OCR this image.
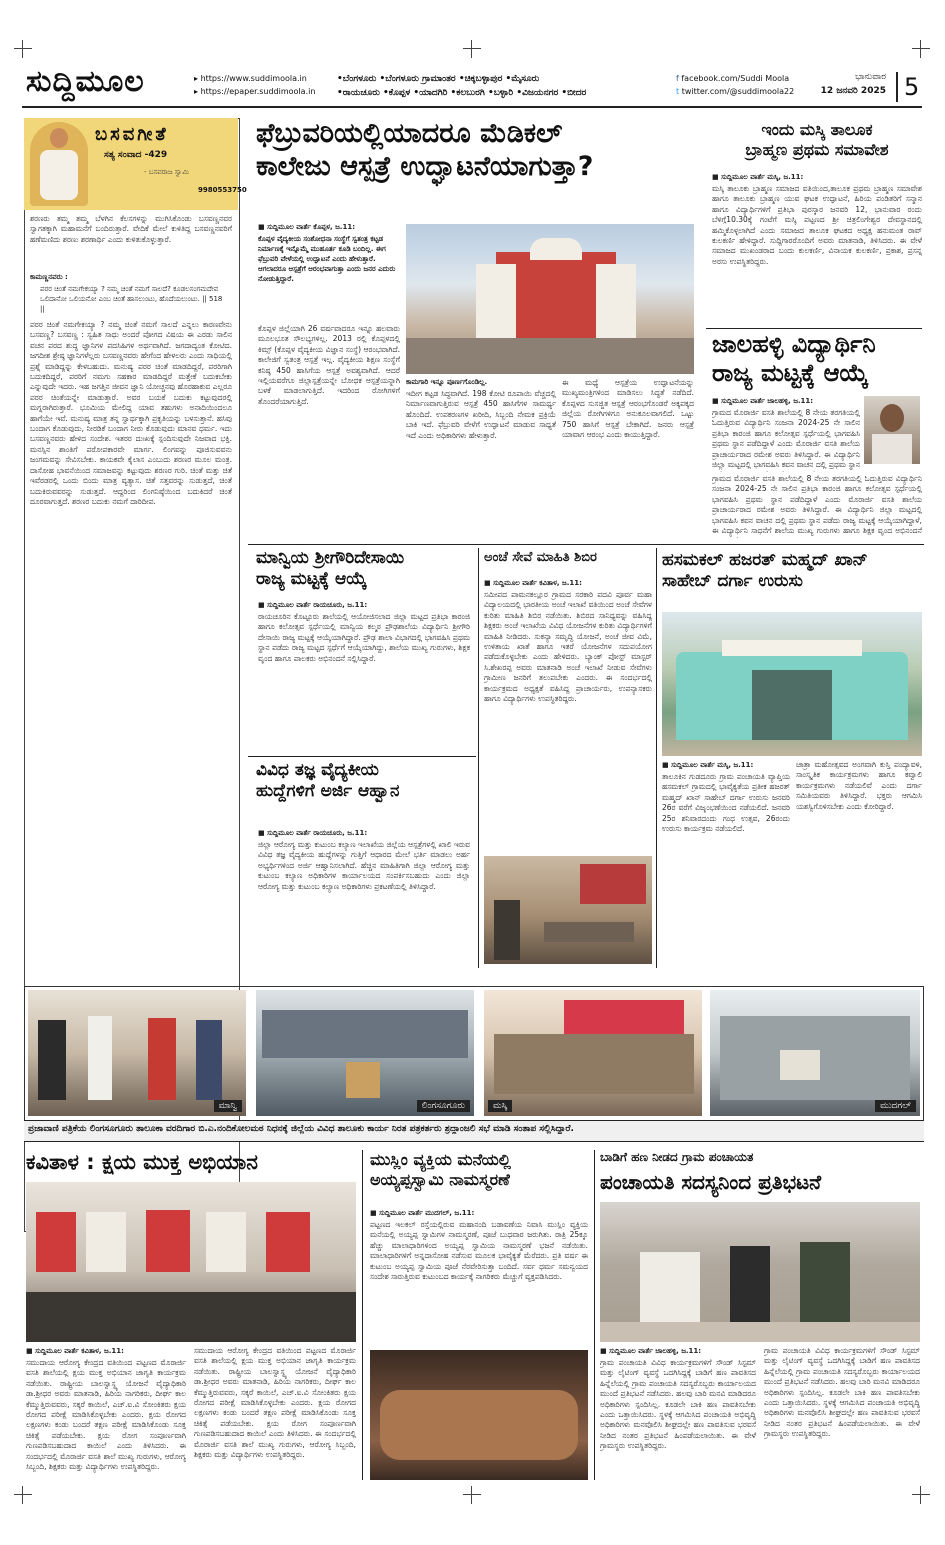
ಸುದ್ದಿಮೂಲ	▸ https://www.suddimoola.in
▸ https://epaper.suddimoola.in
•ಬೆಂಗಳೂರು •ಬೆಂಗಳೂರು ಗ್ರಾಮಾಂತರ •ಚಿಕ್ಕಬಳ್ಳಾಪುರ •ಮೈಸೂರು
•ರಾಯಚೂರು •ಕೊಪ್ಪಳ •ಯಾದಗಿರಿ •ಕಲಬುರಗಿ •ಬಳ್ಳಾರಿ •ವಿಜಯನಗರ •ಬೀದರ
f facebook.com/Suddi Moola
t twitter.com/@suddimoola22
ಭಾನುವಾರ
12 ಜನವರಿ 2025 5
ಬಸವಗೀತೆ
ಸತ್ಯ ಸಂವಾದ -429
- ಬಸವರಾಜ ಸ್ವಾಮಿ
9980553750
ಶರಣರು ತಮ್ಮ ತಮ್ಮ ಬೆಳಗಿನ ಕೆಲಸಗಳನ್ನು ಮುಗಿಸಿಕೊಂಡು ಬಸವಣ್ಣನವರ ಸ್ವಾಗತಕ್ಕಾಗಿ ಮಹಾಮನೆಗೆ ಬಂದಿರುತ್ತಾರೆ. ವೇದಿಕೆ ಮೇಲೆ ಕುಳಿತಿದ್ದ ಬಸವಣ್ಣನವರಿಗೆ ಹಣೆಮಣಿದು ಶರಣು ಶರಣಾರ್ಥಿ ಎಂದು ಕುಳಿತುಕೊಳ್ಳುತ್ತಾರೆ.
ಕಾಮಣ್ಣನವರು :
ಪರರ ಚಿಂತೆ ನಮಗೇಕಯ್ಯಾ ? ನಮ್ಮ ಚಿಂತೆ ನಮಗೆ ಸಾಲದೆ? ಕೂಡಲಸಂಗಮದೇವ ಒಲಿದಾನೋ ಒಲಿಯನೋ ಎಂಬ ಚಿಂತೆ ಹಾಸಲುಂಟು, ಹೊದೆಯಲುಂಟು. || 518 ||
ಪರರ ಚಿಂತೆ ನಮಗೇಕಯ್ಯಾ ? ನಮ್ಮ ಚಿಂತೆ ನಮಗೆ ಸಾಲದೆ ಎನ್ನಲು ಕಾರಣವೇನು ಬಸವಣ್ಣ? ಬಸವಣ್ಣ : ಸ್ವಹಿತ ಸಾಧು ಅಂದರೆ ಪೋಗದ ವಿಷಯ ಈ ಎರಡು ಸಾಲಿನ ವಚನ ಪರದ ಶುದ್ಧ ಜ್ಞಾನಿಗಳ ಪದಸಿಹಿಗಳ ಅರ್ಥವಾಗಿದೆ. ಜಗದಾದ್ಯಂತ ಕೋಟಿದ. ಜಗದೀಶ ಶ್ರೇಷ್ಠ ಜ್ಞಾನಿಗಳೆಲ್ಲರು ಬಸವಣ್ಣನವರು ಹೇಗೆಂದ ಹೇಳಲರು ಎಂದು ಸಾಧಿಯಲ್ಲಿ ಪ್ರಶ್ನೆ ಮಾಡಿದ್ದನ್ನು ಕೇಳಬಹುದು. ಮನುಷ್ಯ ಪರರ ಚಿಂತೆ ಮಾಡದಿದ್ದರೆ, ಪರರಿಗಾಗಿ ಬದುಕದಿದ್ದರೆ, ಪರರಿಗೆ ನಮಗು ಸಹಕಾರ ಮಾಡದಿದ್ದರೆ ಮತ್ತೇಕೆ ಬದುಕಬೇಕು ಎನ್ನುವುದೇ ಇದರು. ಇಹ ಜಗತ್ತಿನ ಜೀವನ ಜ್ಞಾನಿ ಯೋಚ್ಚನವು ಹೊರಹಾಕುವ ಎಲ್ಲರೂ ಪರರ ಚಿಂತೆಯನ್ನೇ ಮಾಡುತ್ತಾರೆ. ಅವರ ಬಯಕೆ ಬದುಕು ಕಟ್ಟುವುದರಲ್ಲಿ ಮಗ್ನರಾಗಿರುತ್ತಾರೆ. ಭೂಮಿಯ ಮೇಲಿದ್ದ ಯಾವ ತಹುಗಳು ಅನಾದಿಯಿಂದಲೂ ಹಾಗೆಯೇ ಇವೆ. ಮನುಷ್ಯ ಮಾತ್ರ ತನ್ನ ಸ್ವಾರ್ಥಕ್ಕಾಗಿ ಪ್ರಕೃತಿಯನ್ನು ಬಳಸುತ್ತಾನೆ. ಹಸಿವು ಬಂದಾಗ ಕೊಡುವುದು, ನೀರಡಿಕೆ ಬಂದಾಗ ನೀರು ಕೊಡುವುದು ಮಾನವ ಧರ್ಮ. ಇದು ಬಸವಣ್ಣನವರು ಹೇಳಿದ ಸಂದೇಶ. ಇತರರ ದುಃಖಕ್ಕೆ ಸ್ಪಂದಿಸುವುದೇ ನಿಜವಾದ ಭಕ್ತಿ. ಮನಸ್ಸಿನ ಶಾಂತಿಗೆ ಪರೋಪಕಾರವೇ ಮಾರ್ಗ. ಲಿಂಗವನ್ನು ಪೂಜಿಸುವವನು ಜಂಗಮವನ್ನು ಸೇವಿಸಬೇಕು. ಕಾಯಕವೇ ಕೈಲಾಸ ಎಂಬುದು ಶರಣರ ಮೂಲ ಮಂತ್ರ. ದಾಸೋಹ ಭಾವನೆಯಿಂದ ಸಮಾಜವನ್ನು ಕಟ್ಟುವುದು ಶರಣರ ಗುರಿ. ಚಿಂತೆ ಮತ್ತು ಚಿತೆ ಇವೆರಡರಲ್ಲಿ ಒಂದು ಬಿಂದು ಮಾತ್ರ ವ್ಯತ್ಯಾಸ. ಚಿತೆ ಸತ್ತವರನ್ನು ಸುಡುತ್ತದೆ, ಚಿಂತೆ ಬದುಕಿರುವವರನ್ನು ಸುಡುತ್ತದೆ. ಆದ್ದರಿಂದ ಲಿಂಗನಿಷ್ಠೆಯಿಂದ ಬದುಕಿದರೆ ಚಿಂತೆ ದೂರವಾಗುತ್ತದೆ. ಶರಣರ ಬದುಕು ನಮಗೆ ದಾರಿದೀಪ.
ಫೆಬ್ರುವರಿಯಲ್ಲಿಯಾದರೂ ಮೆಡಿಕಲ್
ಕಾಲೇಜು ಆಸ್ಪತ್ರೆ ಉದ್ಘಾಟನೆಯಾಗುತ್ತಾ?
■ ಸುದ್ದಿಮೂಲ ವಾರ್ತೆ ಕೊಪ್ಪಳ, ಜ.11:
ಕೊಪ್ಪಳ ವೈದ್ಯಕೀಯ ಸಂಶೋಧನಾ ಸಂಸ್ಥೆಗೆ ಸ್ವತಂತ್ರ ಕಟ್ಟಡ ನಿರ್ಮಾಣಕ್ಕೆ ಇನ್ನೊಮ್ಮೆ ಮುಹೂರ್ತ ಕೂಡಿ ಬಂದಿಲ್ಲ. ಈಗ ಫೆಬ್ರುವರಿ ವೇಳೆಯಲ್ಲಿ ಉದ್ಘಾಟನೆ ಎಂದು ಹೇಳುತ್ತಾರೆ. ಆಗಲಾದರೂ ಆಸ್ಪತ್ರೆಗೆ ಆರಂಭವಾಗುತ್ತಾ ಎಂದು ಜನರ ಎದುರು ನೋಡುತ್ತಿದ್ದಾರೆ.
ಕೊಪ್ಪಳ ಜಿಲ್ಲೆಯಾಗಿ 26 ವರ್ಷವಾದರೂ ಇನ್ನೂ ಹಲವಾರು ಮೂಲಭೂತ ಸೌಲಭ್ಯಗಳಿಲ್ಲ. 2013 ರಲ್ಲಿ ಕೊಪ್ಪಳದಲ್ಲಿ ಕಿಮ್ಸ್ (ಕೊಪ್ಪಳ ವೈದ್ಯಕೀಯ ವಿಜ್ಞಾನ ಸಂಸ್ಥೆ) ಆರಂಭವಾಗಿದೆ. ಕಾಲೇಜಿಗೆ ಸ್ವತಂತ್ರ ಆಸ್ಪತ್ರೆ ಇಲ್ಲ. ವೈದ್ಯಕೀಯ ಶಿಕ್ಷಣ ಸಂಸ್ಥೆಗೆ ಕನಿಷ್ಠ 450 ಹಾಸಿಗೆಯ ಆಸ್ಪತ್ರೆ ಅವಶ್ಯವಾಗಿದೆ. ಆದರೆ ಇಲ್ಲಿಯವರೆಗೂ ಜಿಲ್ಲಾಸ್ಪತ್ರೆಯನ್ನೇ ಬೋಧಕ ಆಸ್ಪತ್ರೆಯನ್ನಾಗಿ ಬಳಕೆ ಮಾಡಲಾಗುತ್ತಿದೆ. ಇದರಿಂದ ರೋಗಿಗಳಿಗೆ ತೊಂದರೆಯಾಗುತ್ತಿದೆ.
ಕಾಮಗಾರಿ ಇನ್ನೂ ಪೂರ್ಣಗೊಂಡಿಲ್ಲ.
ಇದೀಗ ಕಟ್ಟಡ ಸಿದ್ಧವಾಗಿದೆ. 198 ಕೋಟಿ ರೂಪಾಯಿ ವೆಚ್ಚದಲ್ಲಿ ನಿರ್ಮಾಣವಾಗುತ್ತಿರುವ ಆಸ್ಪತ್ರೆ 450 ಹಾಸಿಗೆಗಳ ಸಾಮರ್ಥ್ಯ ಹೊಂದಿದೆ. ಉಪಕರಣಗಳ ಖರೀದಿ, ಸಿಬ್ಬಂದಿ ನೇಮಕ ಪ್ರಕ್ರಿಯೆ ಬಾಕಿ ಇದೆ. ಫೆಬ್ರುವರಿ ವೇಳೆಗೆ ಉದ್ಘಾಟನೆ ಮಾಡುವ ಸಾಧ್ಯತೆ ಇದೆ ಎಂದು ಅಧಿಕಾರಿಗಳು ಹೇಳುತ್ತಾರೆ.
ಈ ಮಧ್ಯೆ ಆಸ್ಪತ್ರೆಯ ಉದ್ಘಾಟನೆಯನ್ನು ಮುಖ್ಯಮಂತ್ರಿಗಳಿಂದ ಮಾಡಿಸಲು ಸಿದ್ಧತೆ ನಡೆದಿದೆ. ಕೊಪ್ಪಳದ ಸುಸಜ್ಜಿತ ಆಸ್ಪತ್ರೆ ಆರಂಭಗೊಂಡರೆ ಅಕ್ಕಪಕ್ಕದ ಜಿಲ್ಲೆಯ ರೋಗಿಗಳಿಗೂ ಅನುಕೂಲವಾಗಲಿದೆ. ಒಟ್ಟು 750 ಹಾಸಿಗೆ ಆಸ್ಪತ್ರೆ ಬೇಕಾಗಿದೆ. ಜನರು ಆಸ್ಪತ್ರೆ ಯಾವಾಗ ಆರಂಭ ಎಂದು ಕಾಯುತ್ತಿದ್ದಾರೆ.
ಇಂದು ಮಸ್ಕಿ ತಾಲೂಕ
ಬ್ರಾಹ್ಮಣ ಪ್ರಥಮ ಸಮಾವೇಶ
■ ಸುದ್ದಿಮೂಲ ವಾರ್ತೆ ಮಸ್ಕಿ, ಜ.11:
ಮಸ್ಕಿ ತಾಲೂಕು ಬ್ರಾಹ್ಮಣ ಸಮಾಜದ ವತಿಯಿಂದ,ತಾಲೂಕ ಪ್ರಥಮ ಬ್ರಾಹ್ಮಣ ಸಮಾವೇಶ ಹಾಗೂ ತಾಲೂಕು ಬ್ರಾಹ್ಮಣ ಯುವ ಘಟಕ ಉದ್ಘಾಟನೆ, ಹಿರಿಯ ಪಂಡಿತರಿಗೆ ಸನ್ಮಾನ ಹಾಗೂ ವಿದ್ಯಾರ್ಥಿಗಳಿಗೆ ಪ್ರತಿಭಾ ಪುರಸ್ಕಾರ ಜನವರಿ 12, ಭಾನುವಾರ ರಂದು ಬೆಳಿಗ್ಗೆ10.30ಕ್ಕೆ ಗಂಟೆಗೆ ಮಸ್ಕಿ ಪಟ್ಟಣದ ಶ್ರೀ ಚಿತ್ರಲಿಂಗೇಶ್ವರ ದೇವಸ್ಥಾನದಲ್ಲಿ ಹಮ್ಮಿಕೊಳ್ಳಲಾಗಿದೆ ಎಂದು ಸಮಾಜದ ತಾಲೂಕ ಘಟಕದ ಅಧ್ಯಕ್ಷ ಹನುಮಂತ ರಾವ್ ಕುಲಕರ್ಣಿ ಹೇಳಿದ್ದಾರೆ. ಸುದ್ದಿಗಾರರೊಂದಿಗೆ ಅವರು ಮಾತನಾಡಿ, ತಿಳಿಸಿದರು. ಈ ವೇಳೆ ಸಮಾಜದ ಮುಖಂಡರಾದ ಬಂದು ಕುಲಕರ್ಣಿ, ವಿನಾಯಕ ಕುಲಕರ್ಣಿ, ಪ್ರಕಾಶ, ಪ್ರಸನ್ನ ಅರಸು ಉಪಸ್ಥಿತರಿದ್ದರು.
ಜಾಲಹಳ್ಳಿ ವಿದ್ಯಾರ್ಥಿನಿ
ರಾಜ್ಯ ಮಟ್ಟಕ್ಕೆ ಆಯ್ಕೆ
■ ಸುದ್ದಿಮೂಲ ವಾರ್ತೆ ಜಾಲಹಳ್ಳಿ, ಜ.11:
ಗ್ರಾಮದ ಮೊರಾರ್ಜಿ ವಸತಿ ಶಾಲೆಯಲ್ಲಿ 8 ನೇಯ ತರಗತಿಯಲ್ಲಿ ಓದುತ್ತಿರುವ ವಿದ್ಯಾರ್ಥಿನಿ ಸಂಜನಾ 2024-25 ನೇ ಸಾಲಿನ ಪ್ರತಿಭಾ ಕಾರಂಜಿ ಹಾಗೂ ಕಲೋತ್ಸವ ಸ್ಪರ್ಧೆಯಲ್ಲಿ ಭಾಗವಹಿಸಿ ಪ್ರಥಮ ಸ್ಥಾನ ಪಡೆದಿದ್ದಾಳೆ ಎಂದು ಮೊರಾರ್ಜಿ ವಸತಿ ಶಾಲೆಯ ಪ್ರಾಚಾರ್ಯರಾದ ರಮೇಶ ಅವರು ತಿಳಿಸಿದ್ದಾರೆ. ಈ ವಿದ್ಯಾರ್ಥಿನಿ ಜಿಲ್ಲಾ ಮಟ್ಟದಲ್ಲಿ ಭಾಗವಹಿಸಿ ಕವನ ವಾಚನ ದಲ್ಲಿ ಪ್ರಥಮ ಸ್ಥಾನ
ಗ್ರಾಮದ ಮೊರಾರ್ಜಿ ವಸತಿ ಶಾಲೆಯಲ್ಲಿ 8 ನೇಯ ತರಗತಿಯಲ್ಲಿ ಓದುತ್ತಿರುವ ವಿದ್ಯಾರ್ಥಿನಿ ಸಂಜನಾ 2024-25 ನೇ ಸಾಲಿನ ಪ್ರತಿಭಾ ಕಾರಂಜಿ ಹಾಗೂ ಕಲೋತ್ಸವ ಸ್ಪರ್ಧೆಯಲ್ಲಿ ಭಾಗವಹಿಸಿ ಪ್ರಥಮ ಸ್ಥಾನ ಪಡೆದಿದ್ದಾಳೆ ಎಂದು ಮೊರಾರ್ಜಿ ವಸತಿ ಶಾಲೆಯ ಪ್ರಾಚಾರ್ಯರಾದ ರಮೇಶ ಅವರು ತಿಳಿಸಿದ್ದಾರೆ. ಈ ವಿದ್ಯಾರ್ಥಿನಿ ಜಿಲ್ಲಾ ಮಟ್ಟದಲ್ಲಿ ಭಾಗವಹಿಸಿ ಕವನ ವಾಚನ ದಲ್ಲಿ ಪ್ರಥಮ ಸ್ಥಾನ ಪಡೆದು ರಾಜ್ಯ ಮಟ್ಟಕ್ಕೆ ಆಯ್ಕೆಯಾಗಿದ್ದಾಳೆ, ಈ ವಿದ್ಯಾರ್ಥಿನಿ ಸಾಧನೆಗೆ ಶಾಲೆಯ ಮುಖ್ಯ ಗುರುಗಳು ಹಾಗೂ ಶಿಕ್ಷಕ ವೃಂದ ಅಭಿನಂದನೆ
ಮಾನ್ವಿಯ ಶ್ರೀಗೌರಿದೇಸಾಯಿ
ರಾಜ್ಯ ಮಟ್ಟಕ್ಕೆ ಆಯ್ಕೆ
■ ಸುದ್ದಿಮೂಲ ವಾರ್ತೆ ರಾಯಚೂರು, ಜ.11:
ರಾಯಚೂರಿನ ಕೊಟ್ಟೂರು ಶಾಲೆಯಲ್ಲಿ ಆಯೋಜಿಸಲಾದ ಜಿಲ್ಲಾ ಮಟ್ಟದ ಪ್ರತಿಭಾ ಕಾರಂಜಿ ಹಾಗೂ ಕಲೋತ್ಸವ ಸ್ಪರ್ಧೆಯಲ್ಲಿ ಮಾನ್ವಿಯ ಕಲ್ಮಠ ಪ್ರೌಢಶಾಲೆಯ ವಿದ್ಯಾರ್ಥಿನಿ ಶ್ರೀಗೌರಿ ದೇಸಾಯಿ ರಾಜ್ಯ ಮಟ್ಟಕ್ಕೆ ಆಯ್ಕೆಯಾಗಿದ್ದಾರೆ. ಪ್ರೌಢ ಶಾಲಾ ವಿಭಾಗದಲ್ಲಿ ಭಾಗವಹಿಸಿ ಪ್ರಥಮ ಸ್ಥಾನ ಪಡೆದು ರಾಜ್ಯ ಮಟ್ಟದ ಸ್ಪರ್ಧೆಗೆ ಆಯ್ಕೆಯಾಗಿದ್ದು, ಶಾಲೆಯ ಮುಖ್ಯ ಗುರುಗಳು, ಶಿಕ್ಷಕ ವೃಂದ ಹಾಗೂ ಪಾಲಕರು ಅಭಿನಂದನೆ ಸಲ್ಲಿಸಿದ್ದಾರೆ.
ವಿವಿಧ ತಜ್ಞ ವೈದ್ಯಕೀಯ
ಹುದ್ದೆಗಳಿಗೆ ಅರ್ಜಿ ಆಹ್ವಾನ
■ ಸುದ್ದಿಮೂಲ ವಾರ್ತೆ ರಾಯಚೂರು, ಜ.11:
ಜಿಲ್ಲಾ ಆರೋಗ್ಯ ಮತ್ತು ಕುಟುಂಬ ಕಲ್ಯಾಣ ಇಲಾಖೆಯ ಜಿಲ್ಲೆಯ ಆಸ್ಪತ್ರೆಗಳಲ್ಲಿ ಖಾಲಿ ಇರುವ ವಿವಿಧ ತಜ್ಞ ವೈದ್ಯಕೀಯ ಹುದ್ದೆಗಳನ್ನು ಗುತ್ತಿಗೆ ಆಧಾರದ ಮೇಲೆ ಭರ್ತಿ ಮಾಡಲು ಅರ್ಹ ಅಭ್ಯರ್ಥಿಗಳಿಂದ ಅರ್ಜಿ ಆಹ್ವಾನಿಸಲಾಗಿದೆ. ಹೆಚ್ಚಿನ ಮಾಹಿತಿಗಾಗಿ ಜಿಲ್ಲಾ ಆರೋಗ್ಯ ಮತ್ತು ಕುಟುಂಬ ಕಲ್ಯಾಣ ಅಧಿಕಾರಿಗಳ ಕಾರ್ಯಾಲಯದ ಸಂಪರ್ಕಿಸಬಹುದು ಎಂದು ಜಿಲ್ಲಾ ಆರೋಗ್ಯ ಮತ್ತು ಕುಟುಂಬ ಕಲ್ಯಾಣ ಅಧಿಕಾರಿಗಳು ಪ್ರಕಟಣೆಯಲ್ಲಿ ತಿಳಿಸಿದ್ದಾರೆ.
ಅಂಚೆ ಸೇವೆ ಮಾಹಿತಿ ಶಿಬಿರ
■ ಸುದ್ದಿಮೂಲ ವಾರ್ತೆ ಕವಿತಾಳ, ಜ.11:
ಸಮೀಪದ ಪಾಮನಕಲ್ಲೂರ ಗ್ರಾಮದ ಸರಕಾರಿ ಪದವಿ ಪೂರ್ವ ಮಹಾ ವಿದ್ಯಾಲಯದಲ್ಲಿ ಭಾರತೀಯ ಅಂಚೆ ಇಲಾಖೆ ವತಿಯಿಂದ ಅಂಚೆ ಸೇವೆಗಳ ಕುರಿತು ಮಾಹಿತಿ ಶಿಬಿರ ನಡೆಯಿತು. ಶಿಬಿರದ ಸಾನಿಧ್ಯವನ್ನು ವಹಿಸಿದ್ದ ಶಿಕ್ಷಕರು ಅಂಚೆ ಇಲಾಖೆಯ ವಿವಿಧ ಯೋಜನೆಗಳ ಕುರಿತು ವಿದ್ಯಾರ್ಥಿಗಳಿಗೆ ಮಾಹಿತಿ ನೀಡಿದರು. ಸುಕನ್ಯಾ ಸಮೃದ್ಧಿ ಯೋಜನೆ, ಅಂಚೆ ಜೀವ ವಿಮೆ, ಉಳಿತಾಯ ಖಾತೆ ಹಾಗೂ ಇತರೆ ಯೋಜನೆಗಳ ಸದುಪಯೋಗ ಪಡೆದುಕೊಳ್ಳಬೇಕು ಎಂದು ಹೇಳಿದರು. ಬ್ಯಾಂಕ್ ಪೋಸ್ಟ್ ಮಾಸ್ಟರ್ ಸಿ.ಶೇಖರಪ್ಪ ಅವರು ಮಾತನಾಡಿ ಅಂಚೆ ಇಲಾಖೆ ನೀಡುವ ಸೇವೆಗಳು ಗ್ರಾಮೀಣ ಜನರಿಗೆ ತಲುಪಬೇಕು ಎಂದರು. ಈ ಸಂದರ್ಭದಲ್ಲಿ ಕಾರ್ಯಕ್ರಮದ ಅಧ್ಯಕ್ಷತೆ ವಹಿಸಿದ್ದ ಪ್ರಾಚಾರ್ಯರು, ಉಪನ್ಯಾಸಕರು ಹಾಗೂ ವಿದ್ಯಾರ್ಥಿಗಳು ಉಪಸ್ಥಿತರಿದ್ದರು.
ಹಸಮಕಲ್ ಹಜರತ್ ಮಹ್ಮದ್ ಖಾನ್
ಸಾಹೇಬ್ ದರ್ಗಾ ಉರುಸು
■ ಸುದ್ದಿಮೂಲ ವಾರ್ತೆ ಮಸ್ಕಿ, ಜ.11:
ತಾಲೂಕಿನ ಗುಡದೂರು ಗ್ರಾಮ ಪಂಚಾಯತಿ ವ್ಯಾಪ್ತಿಯ ಹಸಮಕಲ್ ಗ್ರಾಮದಲ್ಲಿ ಭಾವೈಕ್ಯತೆಯ ಪ್ರತೀಕ ಹಜರತ್ ಮಹ್ಮದ್ ಖಾನ್ ಸಾಹೇಬ್ ದರ್ಗಾ ಉರುಸು ಜನವರಿ 26ರ ವರೆಗೆ ವಿಜೃಂಭಣೆಯಿಂದ ನಡೆಯಲಿದೆ. ಜನವರಿ 25ರ ಶನಿವಾರದಂದು ಗಂಧ ಉತ್ಸವ, 26ರಂದು ಉರುಸು ಕಾರ್ಯಕ್ರಮ ನಡೆಯಲಿದೆ.
ಜಾತ್ರಾ ಮಹೋತ್ಸವದ ಅಂಗವಾಗಿ ಕುಸ್ತಿ ಪಂದ್ಯಾವಳಿ, ಸಾಂಸ್ಕೃತಿಕ ಕಾರ್ಯಕ್ರಮಗಳು ಹಾಗೂ ಕವ್ವಾಲಿ ಕಾರ್ಯಕ್ರಮಗಳು ನಡೆಯಲಿವೆ ಎಂದು ದರ್ಗಾ ಸಮಿತಿಯವರು ತಿಳಿಸಿದ್ದಾರೆ. ಭಕ್ತರು ಆಗಮಿಸಿ ಯಶಸ್ವಿಗೊಳಿಸಬೇಕು ಎಂದು ಕೋರಿದ್ದಾರೆ.
ಮಾನ್ವಿ	ಲಿಂಗಸೂಗೂರು	ಮಸ್ಕಿ	ಮುದಗಲ್
ಪ್ರಜಾವಾಣಿ ಪತ್ರಿಕೆಯ ಲಿಂಗಸೂಗೂರು ತಾಲೂಕಾ ವರದಿಗಾರ ಬಿ.ಎ.ನಂದಿಕೋಲಮಠ ನಿಧನಕ್ಕೆ ಜಿಲ್ಲೆಯ ವಿವಿಧ ತಾಲೂಕು ಕಾರ್ಯ ನಿರತ ಪತ್ರಕರ್ತರು ಶ್ರದ್ಧಾಂಜಲಿ ಸಭೆ ಮಾಡಿ ಸಂತಾಪ ಸಲ್ಲಿಸಿದ್ದಾರೆ.
ಕವಿತಾಳ : ಕ್ಷಯ ಮುಕ್ತ ಅಭಿಯಾನ
■ ಸುದ್ದಿಮೂಲ ವಾರ್ತೆ ಕವಿತಾಳ, ಜ.11:
ಸಮುದಾಯ ಆರೋಗ್ಯ ಕೇಂದ್ರದ ವತಿಯಿಂದ ಪಟ್ಟಣದ ಮೊರಾರ್ಜಿ ವಸತಿ ಶಾಲೆಯಲ್ಲಿ ಕ್ಷಯ ಮುಕ್ತ ಅಭಿಯಾನ ಜಾಗೃತಿ ಕಾರ್ಯಕ್ರಮ ನಡೆಯಿತು. ರಾಷ್ಟ್ರೀಯ ಬಾಲಸ್ವಾಸ್ಥ್ಯ ಯೋಜನೆ ವೈದ್ಯಾಧಿಕಾರಿ ಡಾ.ಶ್ರೀಧರ ಅವರು ಮಾತನಾಡಿ, ಹಿರಿಯ ನಾಗರಿಕರು, ದೀರ್ಘ ಕಾಲ ಕೆಮ್ಮುತ್ತಿರುವವರು, ಸಕ್ಕರೆ ಕಾಯಿಲೆ, ಎಚ್.ಐ.ವಿ ಸೋಂಕಿತರು ಕ್ಷಯ ರೋಗದ ಪರೀಕ್ಷೆ ಮಾಡಿಸಿಕೊಳ್ಳಬೇಕು ಎಂದರು. ಕ್ಷಯ ರೋಗದ ಲಕ್ಷಣಗಳು ಕಂಡು ಬಂದರೆ ತಕ್ಷಣ ಪರೀಕ್ಷೆ ಮಾಡಿಸಿಕೊಂಡು ಸೂಕ್ತ ಚಿಕಿತ್ಸೆ ಪಡೆಯಬೇಕು. ಕ್ಷಯ ರೋಗ ಸಂಪೂರ್ಣವಾಗಿ ಗುಣಪಡಿಸಬಹುದಾದ ಕಾಯಿಲೆ ಎಂದು ತಿಳಿಸಿದರು. ಈ ಸಂದರ್ಭದಲ್ಲಿ ಮೊರಾರ್ಜಿ ವಸತಿ ಶಾಲೆ ಮುಖ್ಯ ಗುರುಗಳು, ಆರೋಗ್ಯ ಸಿಬ್ಬಂದಿ, ಶಿಕ್ಷಕರು ಮತ್ತು ವಿದ್ಯಾರ್ಥಿಗಳು ಉಪಸ್ಥಿತರಿದ್ದರು.
ಸಮುದಾಯ ಆರೋಗ್ಯ ಕೇಂದ್ರದ ವತಿಯಿಂದ ಪಟ್ಟಣದ ಮೊರಾರ್ಜಿ ವಸತಿ ಶಾಲೆಯಲ್ಲಿ ಕ್ಷಯ ಮುಕ್ತ ಅಭಿಯಾನ ಜಾಗೃತಿ ಕಾರ್ಯಕ್ರಮ ನಡೆಯಿತು. ರಾಷ್ಟ್ರೀಯ ಬಾಲಸ್ವಾಸ್ಥ್ಯ ಯೋಜನೆ ವೈದ್ಯಾಧಿಕಾರಿ ಡಾ.ಶ್ರೀಧರ ಅವರು ಮಾತನಾಡಿ, ಹಿರಿಯ ನಾಗರಿಕರು, ದೀರ್ಘ ಕಾಲ ಕೆಮ್ಮುತ್ತಿರುವವರು, ಸಕ್ಕರೆ ಕಾಯಿಲೆ, ಎಚ್.ಐ.ವಿ ಸೋಂಕಿತರು ಕ್ಷಯ ರೋಗದ ಪರೀಕ್ಷೆ ಮಾಡಿಸಿಕೊಳ್ಳಬೇಕು ಎಂದರು. ಕ್ಷಯ ರೋಗದ ಲಕ್ಷಣಗಳು ಕಂಡು ಬಂದರೆ ತಕ್ಷಣ ಪರೀಕ್ಷೆ ಮಾಡಿಸಿಕೊಂಡು ಸೂಕ್ತ ಚಿಕಿತ್ಸೆ ಪಡೆಯಬೇಕು. ಕ್ಷಯ ರೋಗ ಸಂಪೂರ್ಣವಾಗಿ ಗುಣಪಡಿಸಬಹುದಾದ ಕಾಯಿಲೆ ಎಂದು ತಿಳಿಸಿದರು. ಈ ಸಂದರ್ಭದಲ್ಲಿ ಮೊರಾರ್ಜಿ ವಸತಿ ಶಾಲೆ ಮುಖ್ಯ ಗುರುಗಳು, ಆರೋಗ್ಯ ಸಿಬ್ಬಂದಿ, ಶಿಕ್ಷಕರು ಮತ್ತು ವಿದ್ಯಾರ್ಥಿಗಳು ಉಪಸ್ಥಿತರಿದ್ದರು.
ಮುಸ್ಲಿಂ ವ್ಯಕ್ತಿಯ ಮನೆಯಲ್ಲಿ
ಅಯ್ಯಪ್ಪಸ್ವಾಮಿ ನಾಮಸ್ಮರಣೆ
■ ಸುದ್ದಿಮೂಲ ವಾರ್ತೆ ಮುದಗಲ್, ಜ.11:
ಪಟ್ಟಣದ ಇಲಕಲ್ ರಸ್ತೆಯಲ್ಲಿರುವ ಮಹಾನಂದಿ ಬಡಾವಣೆಯ ನಿವಾಸಿ ಮುಸ್ಲಿಂ ವ್ಯಕ್ತಿಯ ಮನೆಯಲ್ಲಿ ಅಯ್ಯಪ್ಪ ಸ್ವಾಮಿಗಳ ನಾಮಸ್ಮರಣೆ, ಪೂಜೆ ಬುಧವಾರ ಜರುಗಿತು. ರಾತ್ರಿ 25ಕ್ಕೂ ಹೆಚ್ಚು ಮಾಲಾಧಾರಿಗಳಿಂದ ಅಯ್ಯಪ್ಪ ಸ್ವಾಮಿಯ ನಾಮಸ್ಮರಣೆ ಭಜನೆ ನಡೆಯಿತು. ಮಾಲಾಧಾರಿಗಳಿಗೆ ಅನ್ನದಾಸೋಹ ನಡೆಸುವ ಮೂಲಕ ಭಾವೈಕ್ಯತೆ ಮೆರೆದರು. ಪ್ರತಿ ವರ್ಷ ಈ ಕುಟುಂಬ ಅಯ್ಯಪ್ಪ ಸ್ವಾಮಿಯ ಪೂಜೆ ನೆರವೇರಿಸುತ್ತಾ ಬಂದಿದೆ. ಸರ್ವ ಧರ್ಮ ಸಮನ್ವಯದ ಸಂದೇಶ ಸಾರುತ್ತಿರುವ ಕುಟುಂಬದ ಕಾರ್ಯಕ್ಕೆ ನಾಗರಿಕರು ಮೆಚ್ಚುಗೆ ವ್ಯಕ್ತಪಡಿಸಿದರು.
ಬಾಡಿಗೆ ಹಣ ನೀಡದ ಗ್ರಾಮ ಪಂಚಾಯತ
ಪಂಚಾಯತಿ ಸದಸ್ಯನಿಂದ ಪ್ರತಿಭಟನೆ
■ ಸುದ್ದಿಮೂಲ ವಾರ್ತೆ ಜಾಲಹಳ್ಳಿ, ಜ.11:
ಗ್ರಾಮ ಪಂಚಾಯತಿ ವಿವಿಧ ಕಾರ್ಯಕ್ರಮಗಳಿಗೆ ಸೌಂಡ್ ಸಿಸ್ಟಮ್ ಮತ್ತು ಲೈಟಿಂಗ್ ವ್ಯವಸ್ಥೆ ಒದಗಿಸಿದ್ದಕ್ಕೆ ಬಾಡಿಗೆ ಹಣ ಪಾವತಿಸದ ಹಿನ್ನೆಲೆಯಲ್ಲಿ ಗ್ರಾಮ ಪಂಚಾಯತಿ ಸದಸ್ಯರೊಬ್ಬರು ಕಾರ್ಯಾಲಯದ ಮುಂದೆ ಪ್ರತಿಭಟನೆ ನಡೆಸಿದರು. ಹಲವು ಬಾರಿ ಮನವಿ ಮಾಡಿದರೂ ಅಧಿಕಾರಿಗಳು ಸ್ಪಂದಿಸಿಲ್ಲ. ಕೂಡಲೇ ಬಾಕಿ ಹಣ ಪಾವತಿಸಬೇಕು ಎಂದು ಒತ್ತಾಯಿಸಿದರು. ಸ್ಥಳಕ್ಕೆ ಆಗಮಿಸಿದ ಪಂಚಾಯತಿ ಅಭಿವೃದ್ಧಿ ಅಧಿಕಾರಿಗಳು ಮನವೊಲಿಸಿ ಶೀಘ್ರದಲ್ಲೇ ಹಣ ಪಾವತಿಸುವ ಭರವಸೆ ನೀಡಿದ ನಂತರ ಪ್ರತಿಭಟನೆ ಹಿಂಪಡೆಯಲಾಯಿತು. ಈ ವೇಳೆ ಗ್ರಾಮಸ್ಥರು ಉಪಸ್ಥಿತರಿದ್ದರು.
ಗ್ರಾಮ ಪಂಚಾಯತಿ ವಿವಿಧ ಕಾರ್ಯಕ್ರಮಗಳಿಗೆ ಸೌಂಡ್ ಸಿಸ್ಟಮ್ ಮತ್ತು ಲೈಟಿಂಗ್ ವ್ಯವಸ್ಥೆ ಒದಗಿಸಿದ್ದಕ್ಕೆ ಬಾಡಿಗೆ ಹಣ ಪಾವತಿಸದ ಹಿನ್ನೆಲೆಯಲ್ಲಿ ಗ್ರಾಮ ಪಂಚಾಯತಿ ಸದಸ್ಯರೊಬ್ಬರು ಕಾರ್ಯಾಲಯದ ಮುಂದೆ ಪ್ರತಿಭಟನೆ ನಡೆಸಿದರು. ಹಲವು ಬಾರಿ ಮನವಿ ಮಾಡಿದರೂ ಅಧಿಕಾರಿಗಳು ಸ್ಪಂದಿಸಿಲ್ಲ. ಕೂಡಲೇ ಬಾಕಿ ಹಣ ಪಾವತಿಸಬೇಕು ಎಂದು ಒತ್ತಾಯಿಸಿದರು. ಸ್ಥಳಕ್ಕೆ ಆಗಮಿಸಿದ ಪಂಚಾಯತಿ ಅಭಿವೃದ್ಧಿ ಅಧಿಕಾರಿಗಳು ಮನವೊಲಿಸಿ ಶೀಘ್ರದಲ್ಲೇ ಹಣ ಪಾವತಿಸುವ ಭರವಸೆ ನೀಡಿದ ನಂತರ ಪ್ರತಿಭಟನೆ ಹಿಂಪಡೆಯಲಾಯಿತು. ಈ ವೇಳೆ ಗ್ರಾಮಸ್ಥರು ಉಪಸ್ಥಿತರಿದ್ದರು.
